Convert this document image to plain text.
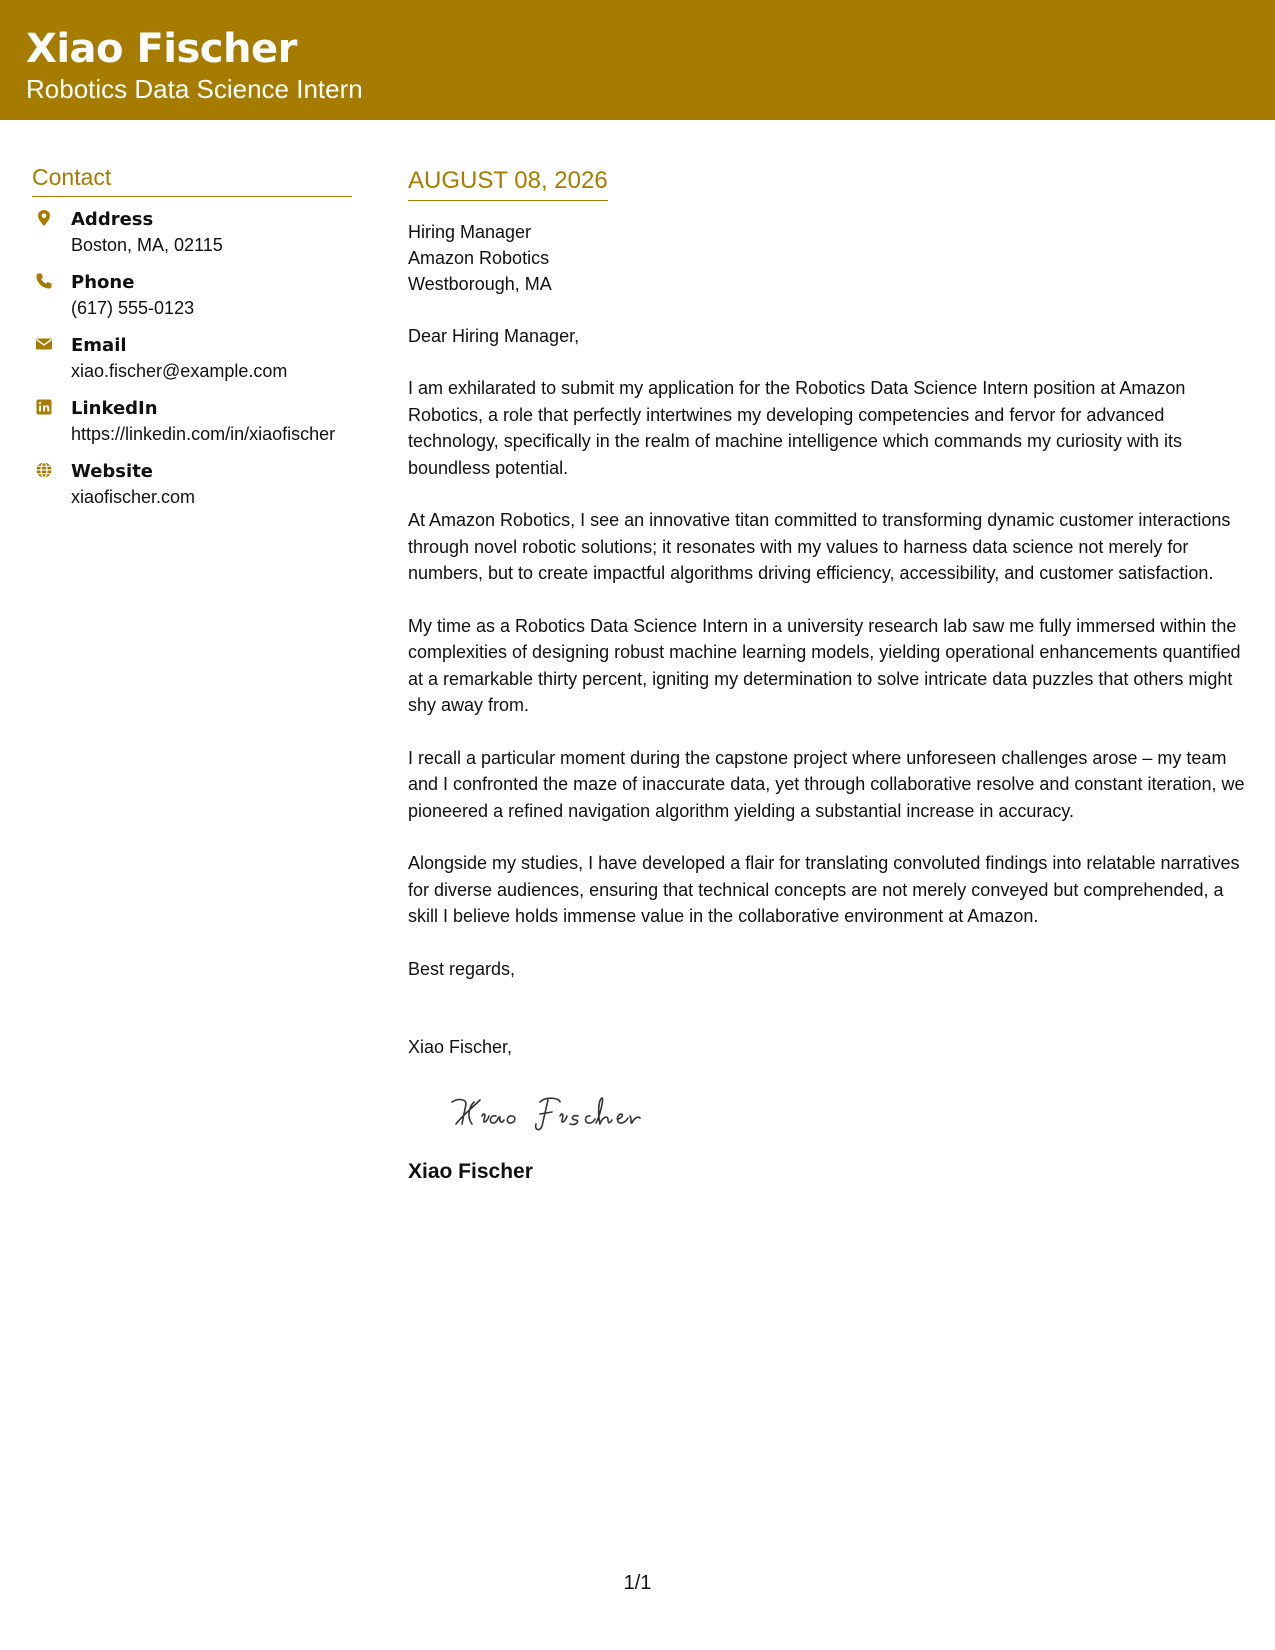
Xiao Fischer
Robotics Data Science Intern
Contact
Address
Boston, MA, 02115
Phone
(617) 555-0123
Email
xiao.fischer@example.com
LinkedIn
https://linkedin.com/in/xiaofischer
Website
xiaofischer.com
AUGUST 08, 2026
Hiring Manager
Amazon Robotics
Westborough, MA
Dear Hiring Manager,
I am exhilarated to submit my application for the Robotics Data Science Intern position at Amazon Robotics, a role that perfectly intertwines my developing competencies and fervor for advanced technology, specifically in the realm of machine intelligence which commands my curiosity with its boundless potential.
At Amazon Robotics, I see an innovative titan committed to transforming dynamic customer interactions through novel robotic solutions; it resonates with my values to harness data science not merely for numbers, but to create impactful algorithms driving efficiency, accessibility, and customer satisfaction.
My time as a Robotics Data Science Intern in a university research lab saw me fully immersed within the complexities of designing robust machine learning models, yielding operational enhancements quantified at a remarkable thirty percent, igniting my determination to solve intricate data puzzles that others might shy away from.
I recall a particular moment during the capstone project where unforeseen challenges arose – my team and I confronted the maze of inaccurate data, yet through collaborative resolve and constant iteration, we pioneered a refined navigation algorithm yielding a substantial increase in accuracy.
Alongside my studies, I have developed a flair for translating convoluted findings into relatable narratives for diverse audiences, ensuring that technical concepts are not merely conveyed but comprehended, a skill I believe holds immense value in the collaborative environment at Amazon.
Best regards,
Xiao Fischer,
Xiao Fischer
1/1
